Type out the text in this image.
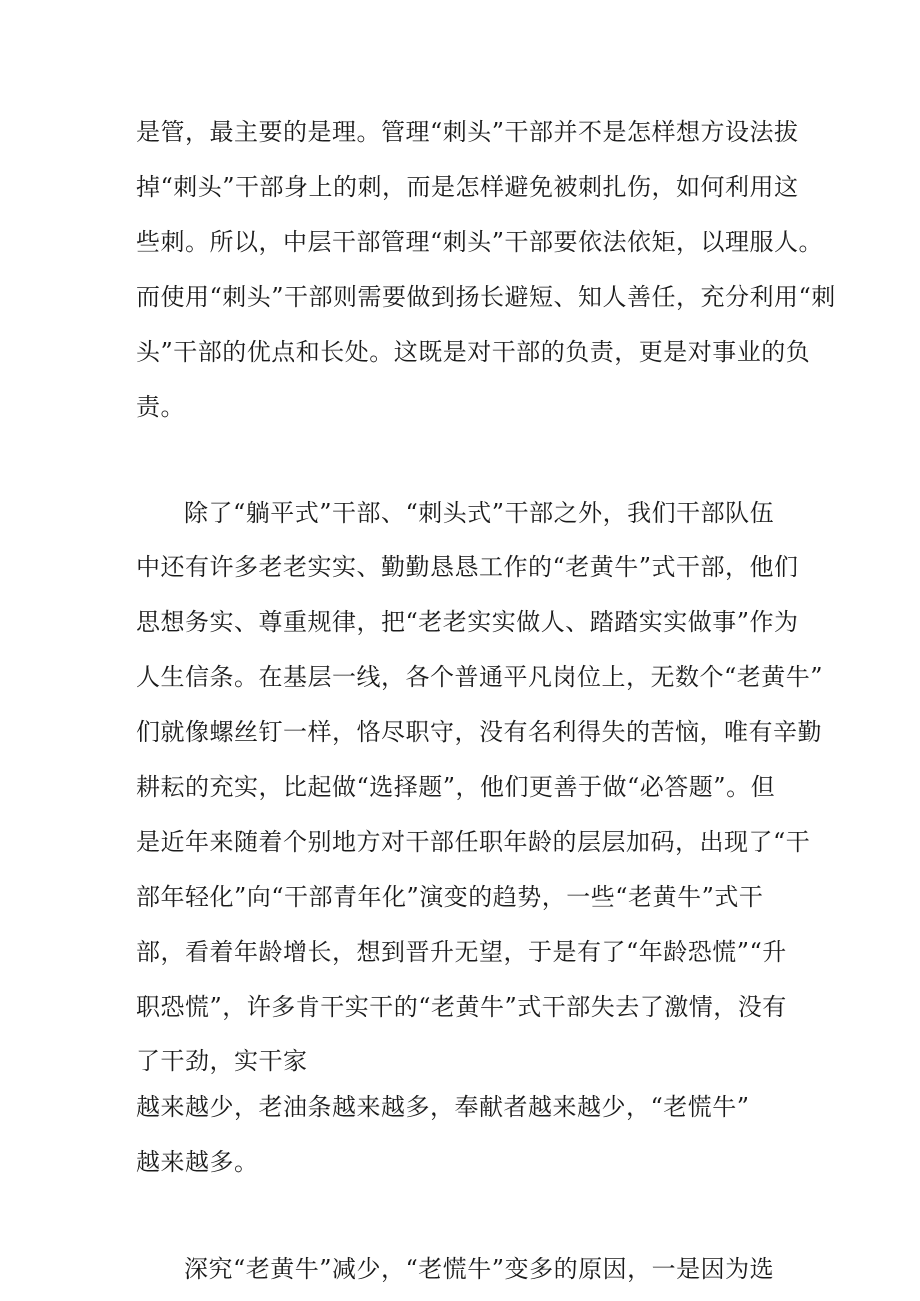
是管，最主要的是理。管理“刺头”干部并不是怎样想方设法拔
掉“刺头”干部身上的刺，而是怎样避免被刺扎伤，如何利用这
些刺。所以，中层干部管理“刺头”干部要依法依矩，以理服人。
而使用“刺头”干部则需要做到扬长避短、知人善任，充分利用“刺
头”干部的优点和长处。这既是对干部的负责，更是对事业的负
责。
除了“躺平式”干部、“刺头式”干部之外，我们干部队伍
中还有许多老老实实、勤勤恳恳工作的“老黄牛”式干部，他们
思想务实、尊重规律，把“老老实实做人、踏踏实实做事”作为
人生信条。在基层一线，各个普通平凡岗位上，无数个“老黄牛”
们就像螺丝钉一样，恪尽职守，没有名利得失的苦恼，唯有辛勤
耕耘的充实，比起做“选择题”，他们更善于做“必答题”。但
是近年来随着个别地方对干部任职年龄的层层加码，出现了“干
部年轻化”向“干部青年化”演变的趋势，一些“老黄牛”式干
部，看着年龄增长，想到晋升无望，于是有了“年龄恐慌”“升
职恐慌”，许多肯干实干的“老黄牛”式干部失去了激情，没有
了干劲，实干家
越来越少，老油条越来越多，奉献者越来越少，“老慌牛”
越来越多。
深究“老黄牛”减少，“老慌牛”变多的原因，一是因为选
